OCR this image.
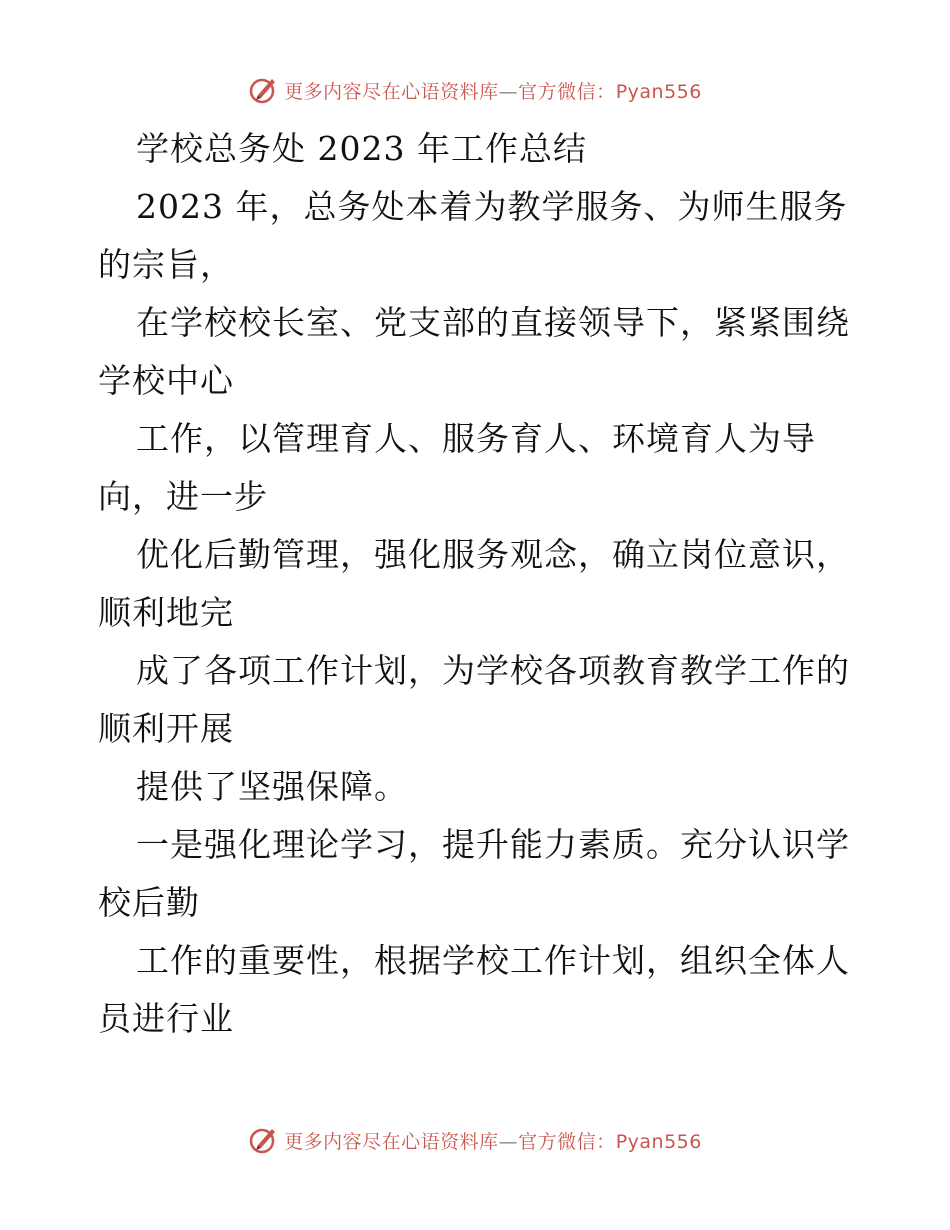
更多内容尽在心语资料库—官方微信：Pyan556
学校总务处 2023 年工作总结
2023 年，总务处本着为教学服务、为师生服务
的宗旨，
在学校校长室、党支部的直接领导下，紧紧围绕
学校中心
工作，以管理育人、服务育人、环境育人为导
向，进一步
优化后勤管理，强化服务观念，确立岗位意识，
顺利地完
成了各项工作计划，为学校各项教育教学工作的
顺利开展
提供了坚强保障。
一是强化理论学习，提升能力素质。充分认识学
校后勤
工作的重要性，根据学校工作计划，组织全体人
员进行业
更多内容尽在心语资料库—官方微信：Pyan556
